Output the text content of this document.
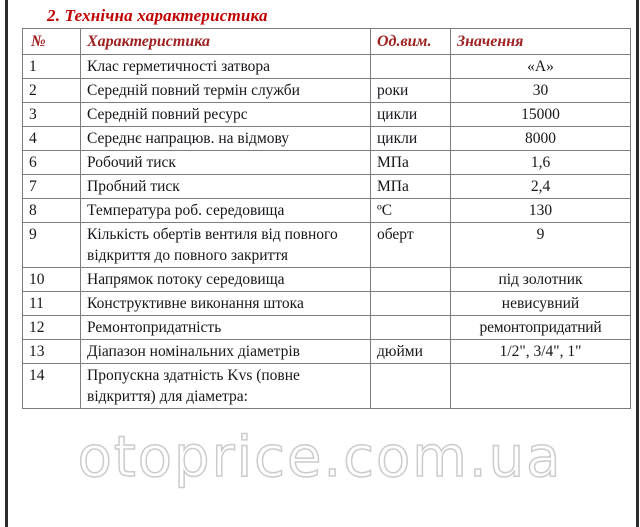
otoprice.com.ua
2. Технічна характеристика
№	Характеристика	Од.вим.	Значення
1	Клас герметичності затвора		«А»
2	Середній повний термін служби	роки	30
3	Середній повний ресурс	цикли	15000
4	Середнє напрацюв. на відмову	цикли	8000
6	Робочий тиск	МПа	1,6
7	Пробний тиск	МПа	2,4
8	Температура роб. середовища	ºC	130
9	Кількість обертів вентиля від повного відкриття до повного закриття	оберт	9
10	Напрямок потоку середовища		під золотник
11	Конструктивне виконання штока		невисувний
12	Ремонтопридатність		ремонтопридатний
13	Діапазон номінальних діаметрів	дюйми	1/2", 3/4", 1"
14	Пропускна здатність Kvs (повне відкриття) для діаметра:		
